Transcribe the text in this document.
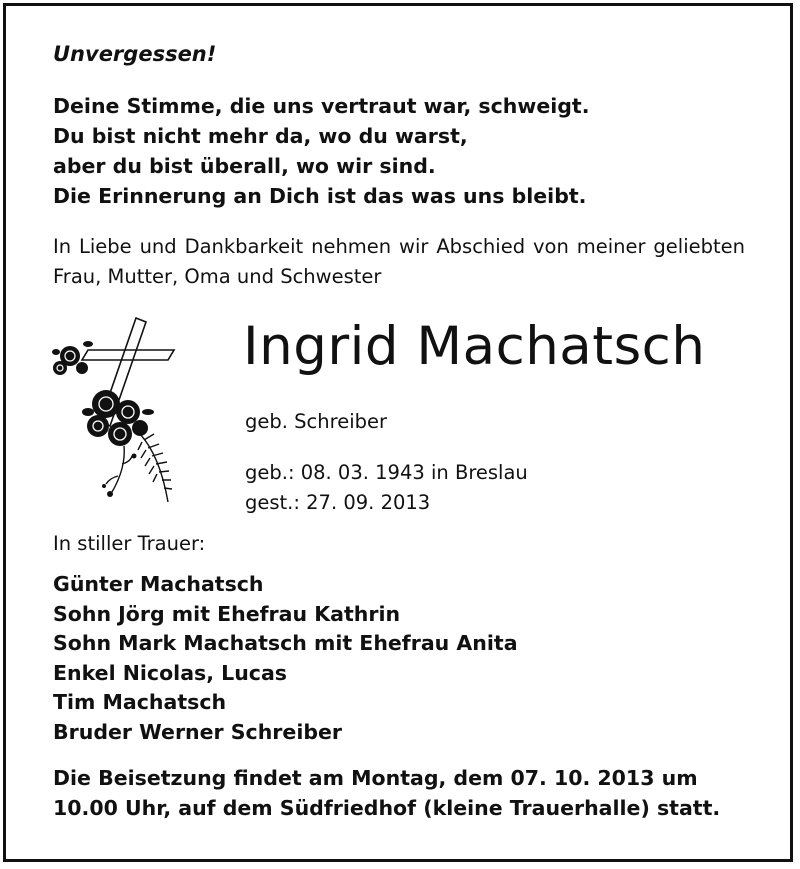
Unvergessen!
Deine Stimme, die uns vertraut war, schweigt.
Du bist nicht mehr da, wo du warst,
aber du bist überall, wo wir sind.
Die Erinnerung an Dich ist das was uns bleibt.
In Liebe und Dankbarkeit nehmen wir Abschied von meiner geliebten Frau, Mutter, Oma und Schwester
Ingrid Machatsch
geb. Schreiber
geb.: 08. 03. 1943 in Breslau
gest.: 27. 09. 2013
In stiller Trauer:
Günter Machatsch
Sohn Jörg mit Ehefrau Kathrin
Sohn Mark Machatsch mit Ehefrau Anita
Enkel Nicolas, Lucas
Tim Machatsch
Bruder Werner Schreiber
Die Beisetzung findet am Montag, dem 07. 10. 2013 um
10.00 Uhr, auf dem Südfriedhof (kleine Trauerhalle) statt.
